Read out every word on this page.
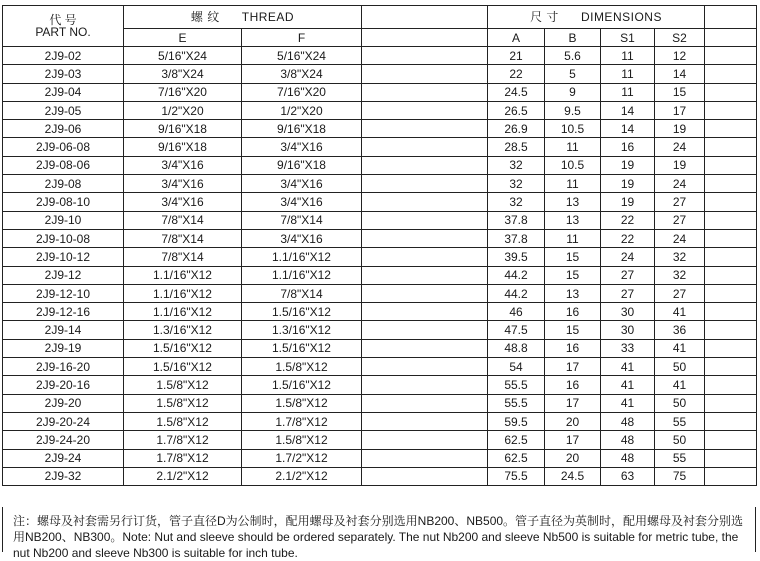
代 号
PART NO.	螺 纹 THREAD			尺 寸 DIMENSIONS				
	E	F		A	B	S1	S2	
2J9-02	5/16"X24	5/16"X24		21	5.6	11	12	
2J9-03	3/8"X24	3/8"X24		22	5	11	14	
2J9-04	7/16"X20	7/16"X20		24.5	9	11	15	
2J9-05	1/2"X20	1/2"X20		26.5	9.5	14	17	
2J9-06	9/16"X18	9/16"X18		26.9	10.5	14	19	
2J9-06-08	9/16"X18	3/4"X16		28.5	11	16	24	
2J9-08-06	3/4"X16	9/16"X18		32	10.5	19	19	
2J9-08	3/4"X16	3/4"X16		32	11	19	24	
2J9-08-10	3/4"X16	3/4"X16		32	13	19	27	
2J9-10	7/8"X14	7/8"X14		37.8	13	22	27	
2J9-10-08	7/8"X14	3/4"X16		37.8	11	22	24	
2J9-10-12	7/8"X14	1.1/16"X12		39.5	15	24	32	
2J9-12	1.1/16"X12	1.1/16"X12		44.2	15	27	32	
2J9-12-10	1.1/16"X12	7/8"X14		44.2	13	27	27	
2J9-12-16	1.1/16"X12	1.5/16"X12		46	16	30	41	
2J9-14	1.3/16"X12	1.3/16"X12		47.5	15	30	36	
2J9-19	1.5/16"X12	1.5/16"X12		48.8	16	33	41	
2J9-16-20	1.5/16"X12	1.5/8"X12		54	17	41	50	
2J9-20-16	1.5/8"X12	1.5/16"X12		55.5	16	41	41	
2J9-20	1.5/8"X12	1.5/8"X12		55.5	17	41	50	
2J9-20-24	1.5/8"X12	1.7/8"X12		59.5	20	48	55	
2J9-24-20	1.7/8"X12	1.5/8"X12		62.5	17	48	50	
2J9-24	1.7/8"X12	1.7/2"X12		62.5	20	48	55	
2J9-32	2.1/2"X12	2.1/2"X12		75.5	24.5	63	75	
注：螺母及衬套需另行订货，管子直径D为公制时，配用螺母及衬套分别选用NB200、NB500。管子直径为英制时，配用螺母及衬套分别选用NB200、NB300。Note: Nut and sleeve should be ordered separately. The nut Nb200 and sleeve Nb500 is suitable for metric tube, the nut Nb200 and sleeve Nb300 is suitable for inch tube.
